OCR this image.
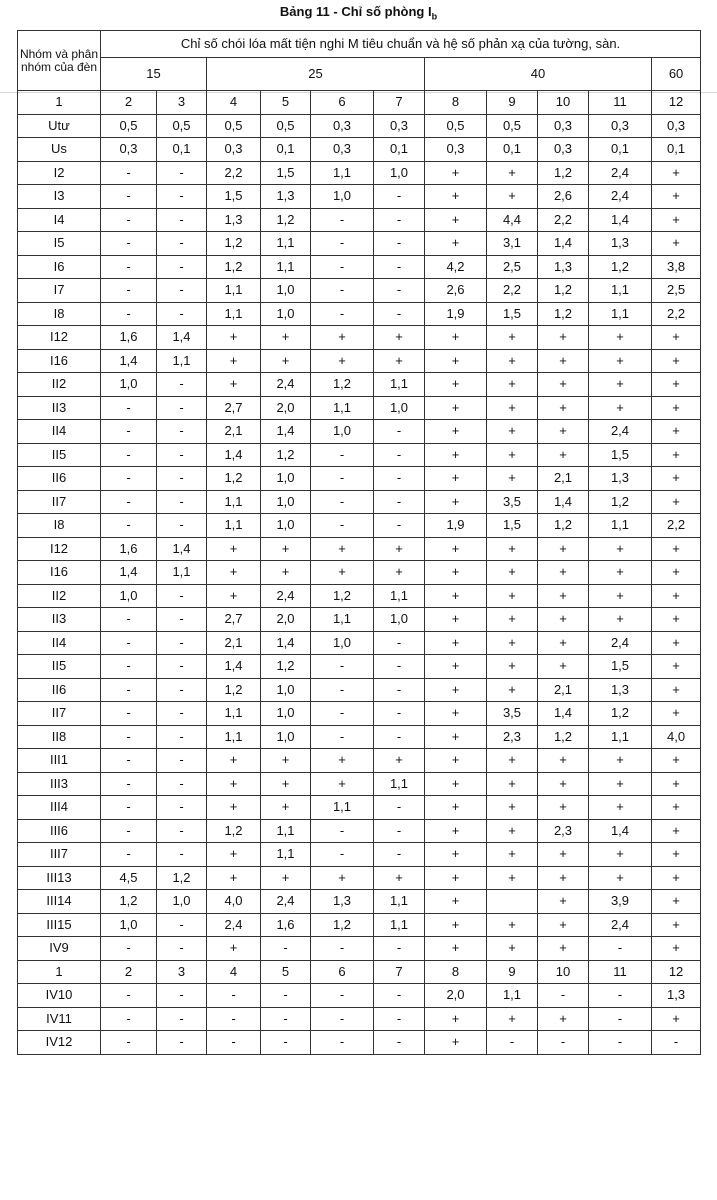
Bảng 11 - Chỉ số phòng $I_b$
Nhóm và phân nhóm của đèn	Chỉ số chói lóa mất tiện nghi M tiêu chuẩn và hệ số phản xạ của tường, sàn.										
	15		25				40				60
1	2	3	4	5	6	7	8	9	10	11	12
Utư	0,5	0,5	0,5	0,5	0,3	0,3	0,5	0,5	0,3	0,3	0,3
Us	0,3	0,1	0,3	0,1	0,3	0,1	0,3	0,1	0,3	0,1	0,1
I2	-	-	2,2	1,5	1,1	1,0	+	+	1,2	2,4	+
I3	-	-	1,5	1,3	1,0	-	+	+	2,6	2,4	+
I4	-	-	1,3	1,2	-	-	+	4,4	2,2	1,4	+
I5	-	-	1,2	1,1	-	-	+	3,1	1,4	1,3	+
I6	-	-	1,2	1,1	-	-	4,2	2,5	1,3	1,2	3,8
I7	-	-	1,1	1,0	-	-	2,6	2,2	1,2	1,1	2,5
I8	-	-	1,1	1,0	-	-	1,9	1,5	1,2	1,1	2,2
I12	1,6	1,4	+	+	+	+	+	+	+	+	+
I16	1,4	1,1	+	+	+	+	+	+	+	+	+
II2	1,0	-	+	2,4	1,2	1,1	+	+	+	+	+
II3	-	-	2,7	2,0	1,1	1,0	+	+	+	+	+
II4	-	-	2,1	1,4	1,0	-	+	+	+	2,4	+
II5	-	-	1,4	1,2	-	-	+	+	+	1,5	+
II6	-	-	1,2	1,0	-	-	+	+	2,1	1,3	+
II7	-	-	1,1	1,0	-	-	+	3,5	1,4	1,2	+
I8	-	-	1,1	1,0	-	-	1,9	1,5	1,2	1,1	2,2
I12	1,6	1,4	+	+	+	+	+	+	+	+	+
I16	1,4	1,1	+	+	+	+	+	+	+	+	+
II2	1,0	-	+	2,4	1,2	1,1	+	+	+	+	+
II3	-	-	2,7	2,0	1,1	1,0	+	+	+	+	+
II4	-	-	2,1	1,4	1,0	-	+	+	+	2,4	+
II5	-	-	1,4	1,2	-	-	+	+	+	1,5	+
II6	-	-	1,2	1,0	-	-	+	+	2,1	1,3	+
II7	-	-	1,1	1,0	-	-	+	3,5	1,4	1,2	+
II8	-	-	1,1	1,0	-	-	+	2,3	1,2	1,1	4,0
III1	-	-	+	+	+	+	+	+	+	+	+
III3	-	-	+	+	+	1,1	+	+	+	+	+
III4	-	-	+	+	1,1	-	+	+	+	+	+
III6	-	-	1,2	1,1	-	-	+	+	2,3	1,4	+
III7	-	-	+	1,1	-	-	+	+	+	+	+
III13	4,5	1,2	+	+	+	+	+	+	+	+	+
III14	1,2	1,0	4,0	2,4	1,3	1,1	+		+	3,9	+
III15	1,0	-	2,4	1,6	1,2	1,1	+	+	+	2,4	+
IV9	-	-	+	-	-	-	+	+	+	-	+
1	2	3	4	5	6	7	8	9	10	11	12
IV10	-	-	-	-	-	-	2,0	1,1	-	-	1,3
IV11	-	-	-	-	-	-	+	+	+	-	+
IV12	-	-	-	-	-	-	+	-	-	-	-
